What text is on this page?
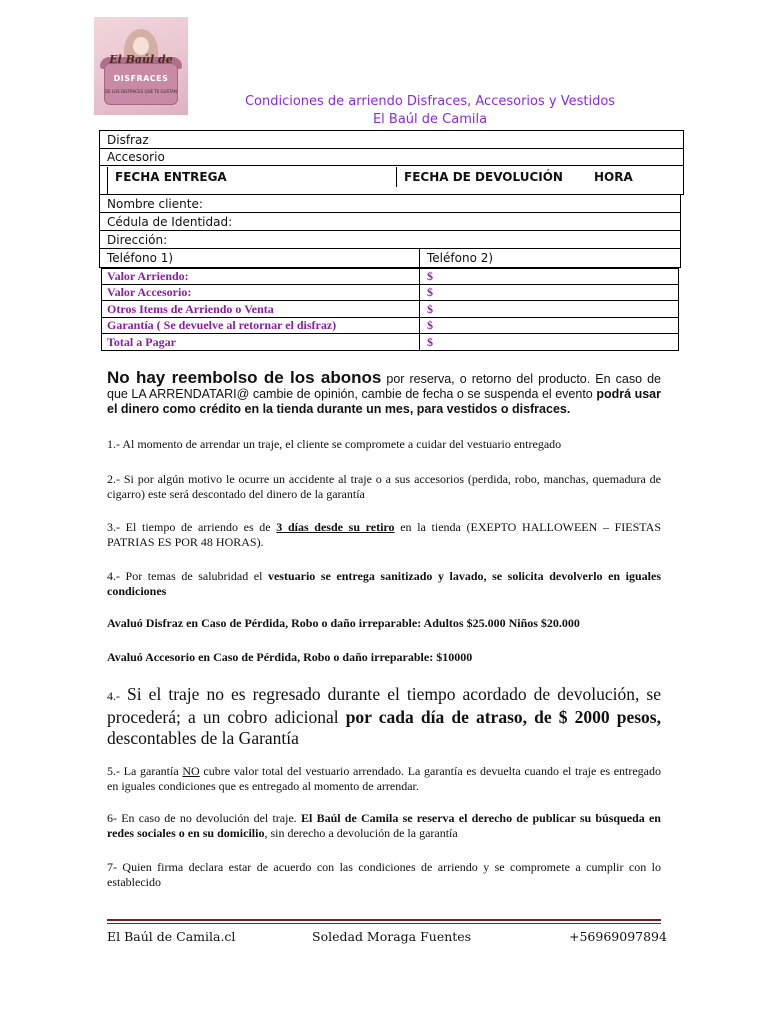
El Baúl de
DISFRACES
DE LOS DISFRACES QUE TE GUSTAN
Condiciones de arriendo Disfraces, Accesorios y Vestidos
El Baúl de Camila
Disfraz
Accesorio
FECHA ENTREGA	FECHA DE DEVOLUCIÓN	HORA
Nombre cliente:
Cédula de Identidad:
Dirección:
Teléfono 1)	Teléfono 2)
Valor Arriendo:	$
Valor Accesorio:	$
Otros Items de Arriendo o Venta	$
Garantía ( Se devuelve al retornar el disfraz)	$
Total a Pagar	$
No hay reembolso de los abonos por reserva, o retorno del producto. En caso de que LA ARRENDATARI@ cambie de opinión, cambie de fecha o se suspenda el evento podrá usar el dinero como crédito en la tienda durante un mes, para vestidos o disfraces.
1.- Al momento de arrendar un traje, el cliente se compromete a cuidar del vestuario entregado
2.- Si por algún motivo le ocurre un accidente al traje o a sus accesorios (perdida, robo, manchas, quemadura de cigarro) este será descontado del dinero de la garantía
3.- El tiempo de arriendo es de 3 días desde su retiro en la tienda (EXEPTO HALLOWEEN – FIESTAS PATRIAS ES POR 48 HORAS).
4.- Por temas de salubridad el vestuario se entrega sanitizado y lavado, se solicita devolverlo en iguales condiciones
Avaluó Disfraz en Caso de Pérdida, Robo o daño irreparable: Adultos $25.000 Niños $20.000
Avaluó Accesorio en Caso de Pérdida, Robo o daño irreparable: $10000
4.- Si el traje no es regresado durante el tiempo acordado de devolución, se procederá; a un cobro adicional por cada día de atraso, de $ 2000 pesos, descontables de la Garantía
5.- La garantía NO cubre valor total del vestuario arrendado. La garantía es devuelta cuando el traje es entregado en iguales condiciones que es entregado al momento de arrendar.
6- En caso de no devolución del traje. El Baúl de Camila se reserva el derecho de publicar su búsqueda en redes sociales o en su domicilio, sin derecho a devolución de la garantía
7- Quien firma declara estar de acuerdo con las condiciones de arriendo y se compromete a cumplir con lo establecido
El Baúl de Camila.cl	Soledad Moraga Fuentes	+56969097894
